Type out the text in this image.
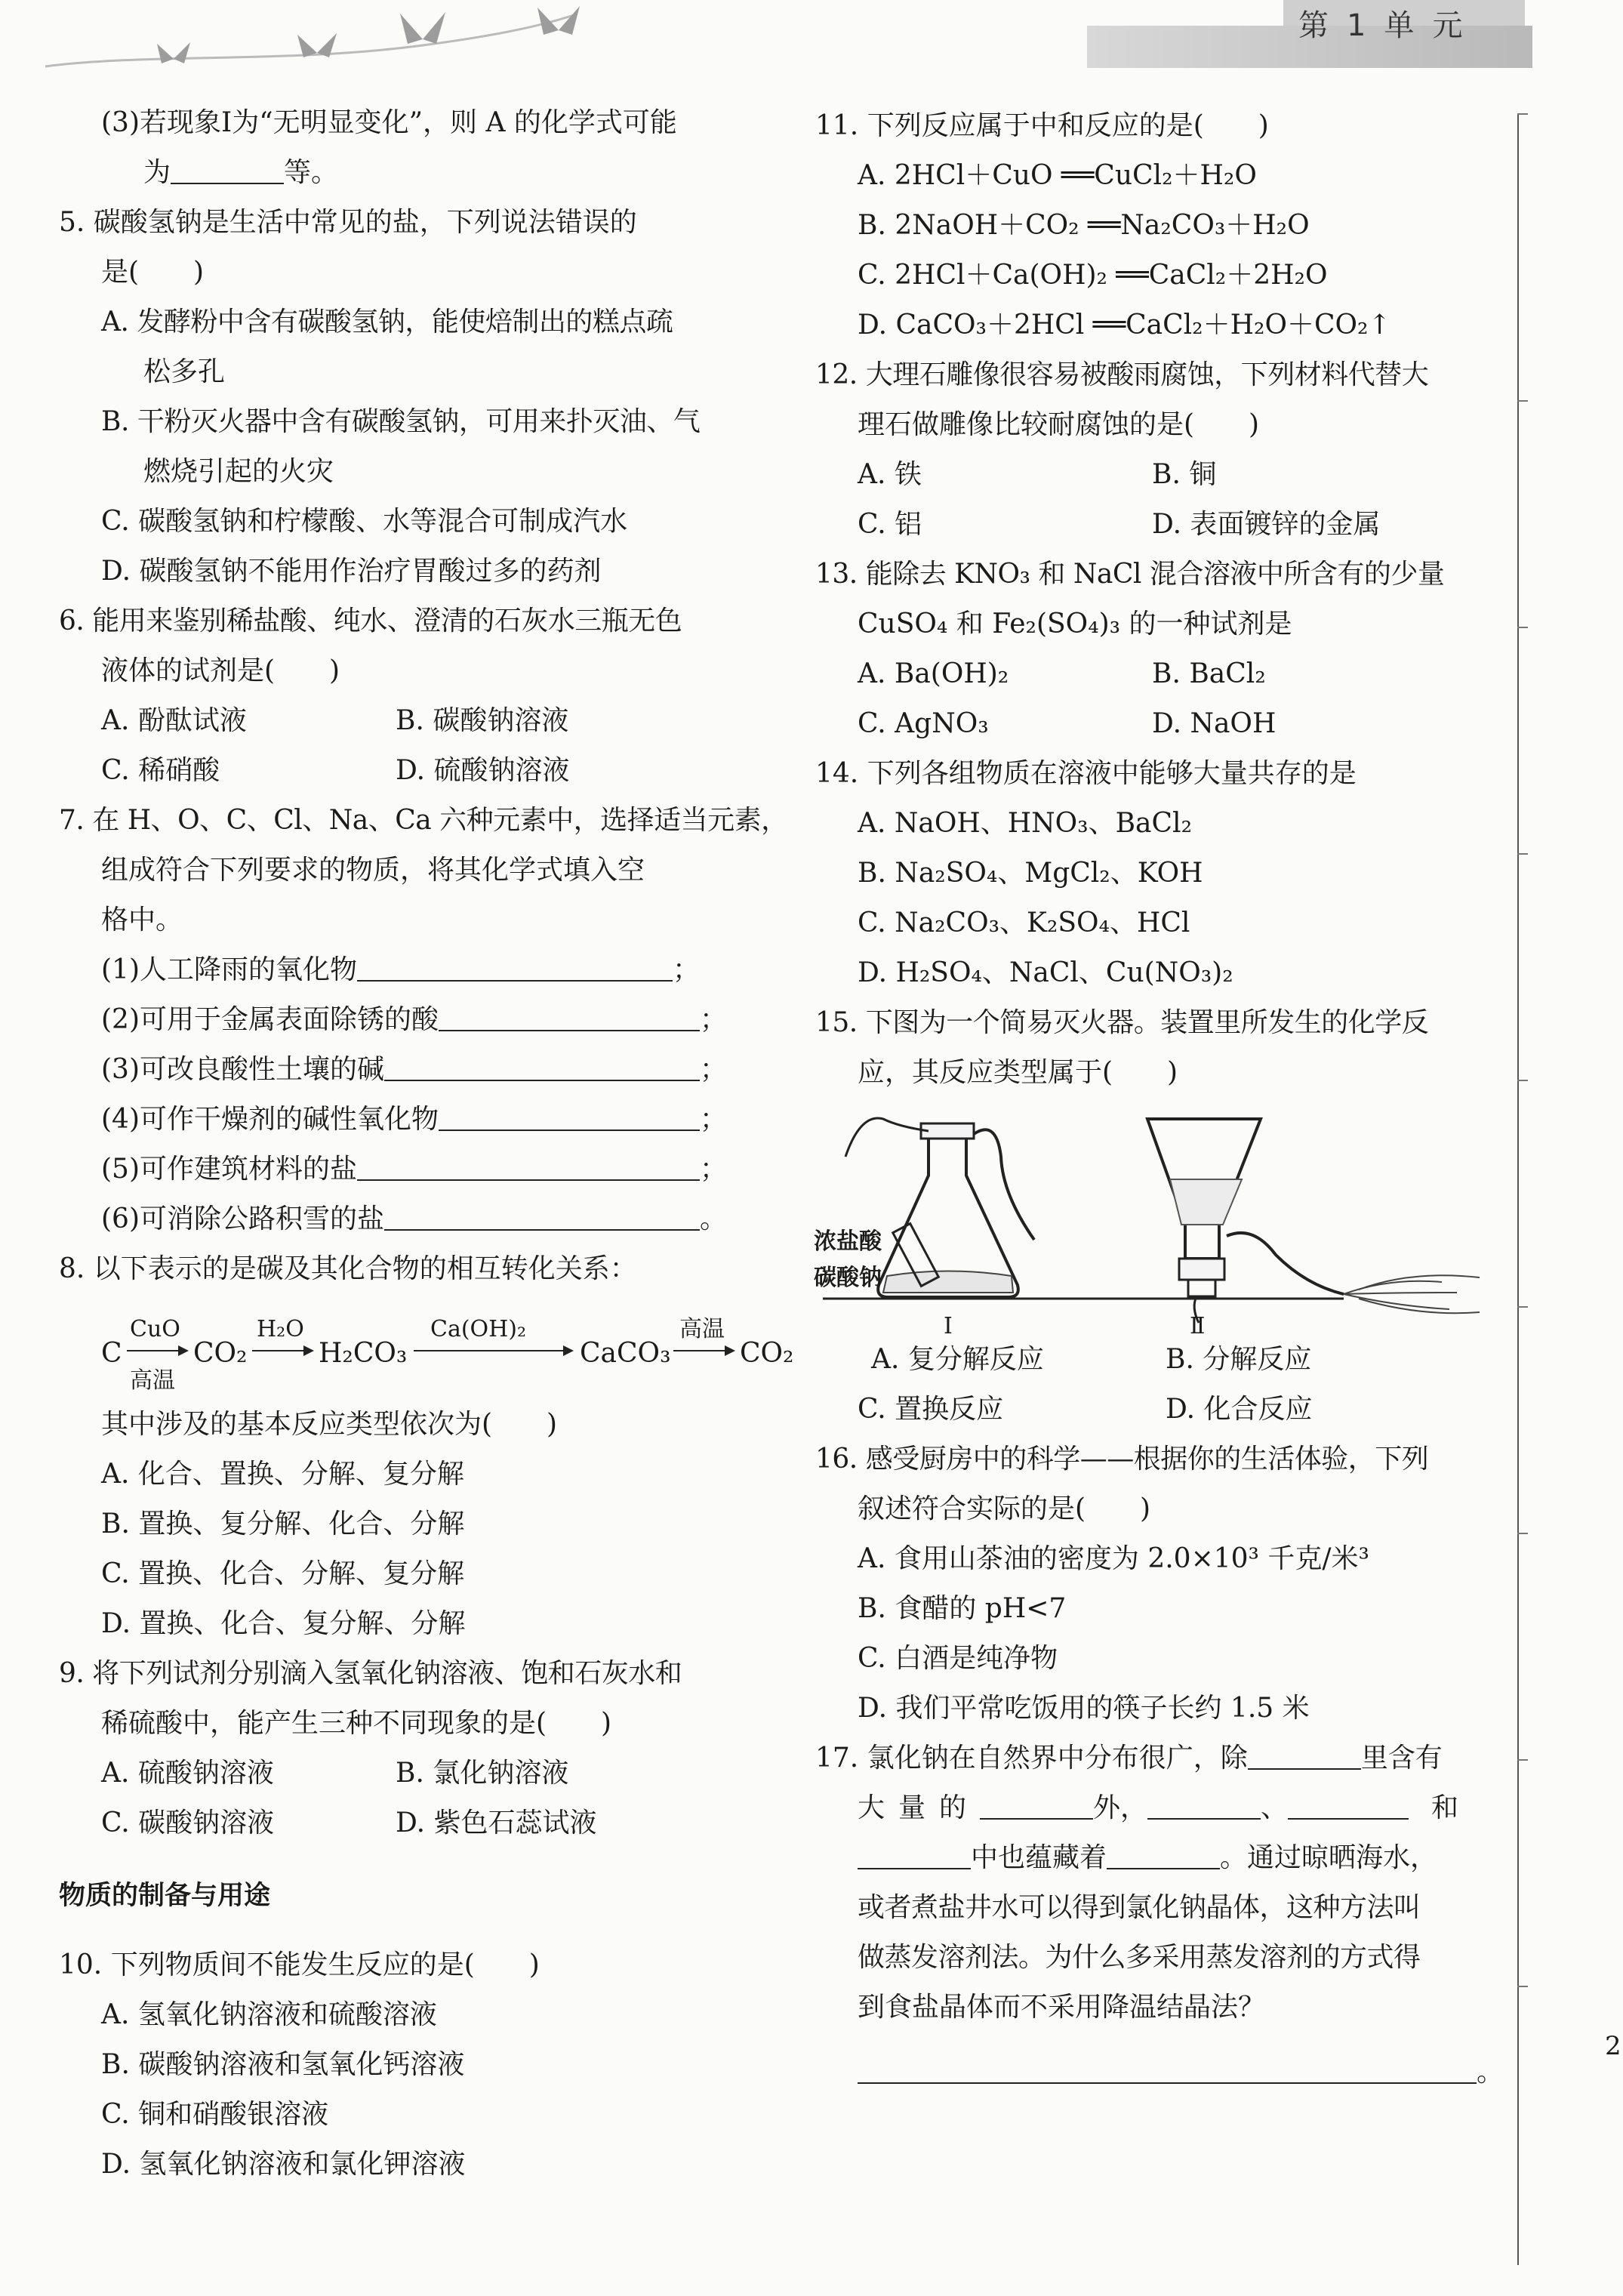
第1单元
(3)若现象Ⅰ为“无明显变化”，则 A 的化学式可能
为	等。
5. 碳酸氢钠是生活中常见的盐，下列说法错误的
是(　　)
A. 发酵粉中含有碳酸氢钠，能使焙制出的糕点疏
松多孔
B. 干粉灭火器中含有碳酸氢钠，可用来扑灭油、气
燃烧引起的火灾
C. 碳酸氢钠和柠檬酸、水等混合可制成汽水
D. 碳酸氢钠不能用作治疗胃酸过多的药剂
6. 能用来鉴别稀盐酸、纯水、澄清的石灰水三瓶无色
液体的试剂是(　　)
A. 酚酞试液	B. 碳酸钠溶液
C. 稀硝酸	D. 硫酸钠溶液
7. 在 H、O、C、Cl、Na、Ca 六种元素中，选择适当元素，
组成符合下列要求的物质，将其化学式填入空
格中。
(1)人工降雨的氧化物	；
(2)可用于金属表面除锈的酸	；
(3)可改良酸性土壤的碱	；
(4)可作干燥剂的碱性氧化物	；
(5)可作建筑材料的盐	；
(6)可消除公路积雪的盐	。
8. 以下表示的是碳及其化合物的相互转化关系：
C
CuO
高温
CO₂
H₂O
H₂CO₃
Ca(OH)₂
CaCO₃
高温
CO₂
其中涉及的基本反应类型依次为(　　)
A. 化合、置换、分解、复分解
B. 置换、复分解、化合、分解
C. 置换、化合、分解、复分解
D. 置换、化合、复分解、分解
9. 将下列试剂分别滴入氢氧化钠溶液、饱和石灰水和
稀硫酸中，能产生三种不同现象的是(　　)
A. 硫酸钠溶液	B. 氯化钠溶液
C. 碳酸钠溶液	D. 紫色石蕊试液
物质的制备与用途
10. 下列物质间不能发生反应的是(　　)
A. 氢氧化钠溶液和硫酸溶液
B. 碳酸钠溶液和氢氧化钙溶液
C. 铜和硝酸银溶液
D. 氢氧化钠溶液和氯化钾溶液
11. 下列反应属于中和反应的是(　　)
A. 2HCl＋CuO ══CuCl₂＋H₂O
B. 2NaOH＋CO₂ ══Na₂CO₃＋H₂O
C. 2HCl＋Ca(OH)₂ ══CaCl₂＋2H₂O
D. CaCO₃＋2HCl ══CaCl₂＋H₂O＋CO₂↑
12. 大理石雕像很容易被酸雨腐蚀，下列材料代替大
理石做雕像比较耐腐蚀的是(　　)
A. 铁	B. 铜
C. 铝	D. 表面镀锌的金属
13. 能除去 KNO₃ 和 NaCl 混合溶液中所含有的少量
CuSO₄ 和 Fe₂(SO₄)₃ 的一种试剂是
A. Ba(OH)₂	B. BaCl₂
C. AgNO₃	D. NaOH
14. 下列各组物质在溶液中能够大量共存的是
A. NaOH、HNO₃、BaCl₂
B. Na₂SO₄、MgCl₂、KOH
C. Na₂CO₃、K₂SO₄、HCl
D. H₂SO₄、NaCl、Cu(NO₃)₂
15. 下图为一个简易灭火器。装置里所发生的化学反
应，其反应类型属于(　　)
浓盐酸
碳酸钠
Ⅰ	Ⅱ
A. 复分解反应	B. 分解反应
C. 置换反应	D. 化合反应
16. 感受厨房中的科学——根据你的生活体验，下列
叙述符合实际的是(　　)
A. 食用山茶油的密度为 2.0×10³ 千克/米³
B. 食醋的 pH<7
C. 白酒是纯净物
D. 我们平常吃饭用的筷子长约 1.5 米
17. 氯化钠在自然界中分布很广，除	里含有
大量的	外，	、	和
中也蕴藏着	。通过晾晒海水，
或者煮盐井水可以得到氯化钠晶体，这种方法叫
做蒸发溶剂法。为什么多采用蒸发溶剂的方式得
到食盐晶体而不采用降温结晶法？
。
2
